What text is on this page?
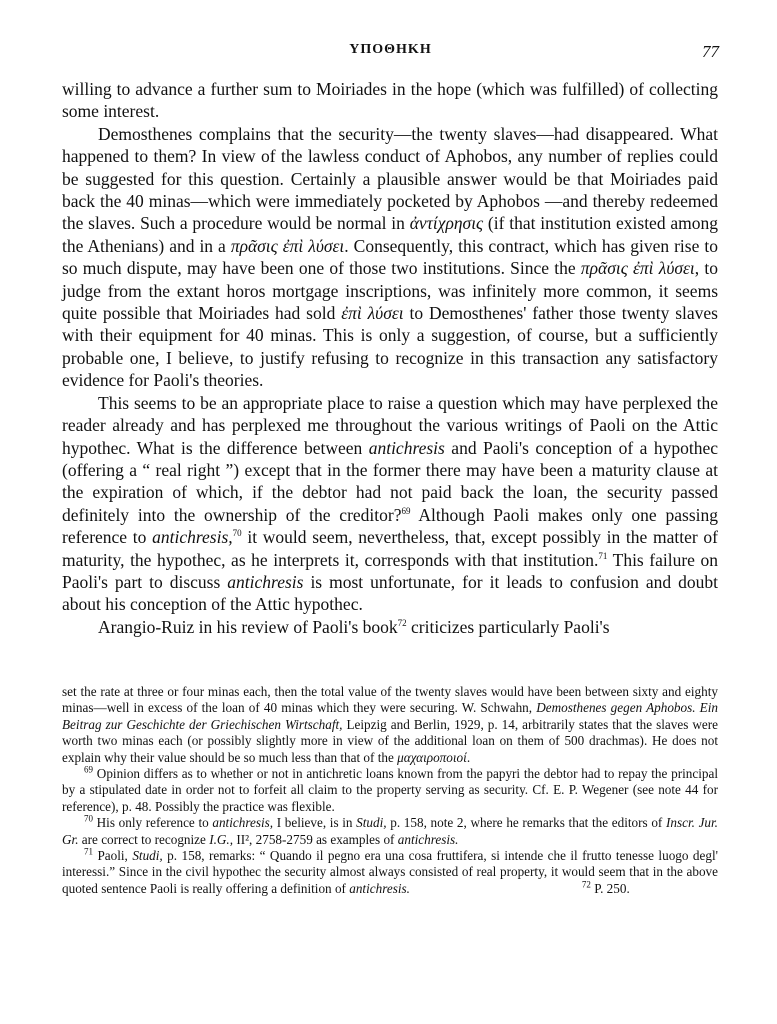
ΥΠΟΘΗΚΗ	77

willing to advance a further sum to Moiriades in the hope (which was fulfilled) of collecting some interest.

Demosthenes complains that the security—the twenty slaves—had disappeared. What happened to them? In view of the lawless conduct of Aphobos, any number of replies could be suggested for this question. Certainly a plausible answer would be that Moiriades paid back the 40 minas—which were immediately pocketed by Aphobos —and thereby redeemed the slaves. Such a procedure would be normal in ἀντίχρησις (if that institution existed among the Athenians) and in a πρᾶσις ἐπὶ λύσει. Consequently, this contract, which has given rise to so much dispute, may have been one of those two institutions. Since the πρᾶσις ἐπὶ λύσει, to judge from the extant horos mortgage inscriptions, was infinitely more common, it seems quite possible that Moiriades had sold ἐπὶ λύσει to Demosthenes' father those twenty slaves with their equipment for 40 minas. This is only a suggestion, of course, but a sufficiently probable one, I believe, to justify refusing to recognize in this transaction any satisfactory evidence for Paoli's theories.

This seems to be an appropriate place to raise a question which may have perplexed the reader already and has perplexed me throughout the various writings of Paoli on the Attic hypothec. What is the difference between antichresis and Paoli's conception of a hypothec (offering a “ real right ”) except that in the former there may have been a maturity clause at the expiration of which, if the debtor had not paid back the loan, the security passed definitely into the ownership of the creditor?$^{69}$ Although Paoli makes only one passing reference to antichresis,$^{70}$ it would seem, nevertheless, that, except possibly in the matter of maturity, the hypothec, as he interprets it, corresponds with that institution.$^{71}$ This failure on Paoli's part to discuss antichresis is most unfortunate, for it leads to confusion and doubt about his conception of the Attic hypothec.

Arangio-Ruiz in his review of Paoli's book$^{72}$ criticizes particularly Paoli's

set the rate at three or four minas each, then the total value of the twenty slaves would have been between sixty and eighty minas—well in excess of the loan of 40 minas which they were securing. W. Schwahn, Demosthenes gegen Aphobos. Ein Beitrag zur Geschichte der Griechischen Wirtschaft, Leipzig and Berlin, 1929, p. 14, arbitrarily states that the slaves were worth two minas each (or possibly slightly more in view of the additional loan on them of 500 drachmas). He does not explain why their value should be so much less than that of the μαχαιροποιοί.

$^{69}$ Opinion differs as to whether or not in antichretic loans known from the papyri the debtor had to repay the principal by a stipulated date in order not to forfeit all claim to the property serving as security. Cf. E. P. Wegener (see note 44 for reference), p. 48. Possibly the practice was flexible.

$^{70}$ His only reference to antichresis, I believe, is in Studi, p. 158, note 2, where he remarks that the editors of Inscr. Jur. Gr. are correct to recognize I.G., II², 2758-2759 as examples of antichresis.

$^{71}$ Paoli, Studi, p. 158, remarks: “ Quando il pegno era una cosa fruttifera, si intende che il frutto tenesse luogo degl' interessi.” Since in the civil hypothec the security almost always consisted of real property, it would seem that in the above quoted sentence Paoli is really offering a definition of antichresis.	$^{72}$ P. 250.
